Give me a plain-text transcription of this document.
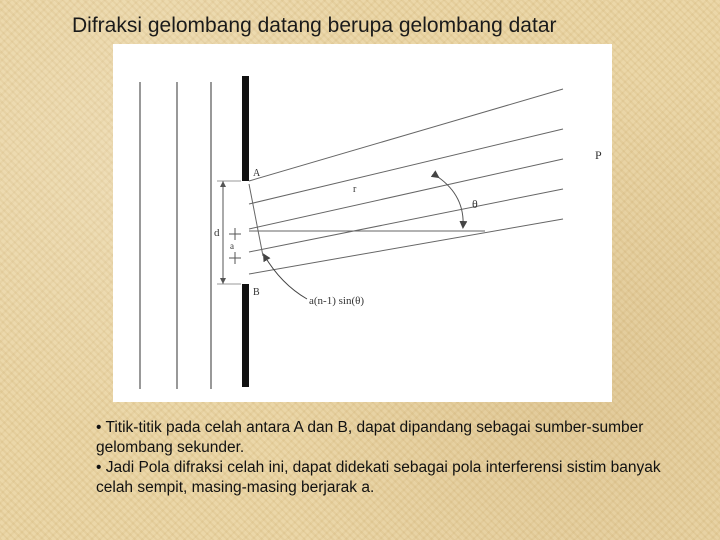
Difraksi gelombang datang berupa gelombang datar
d
a
A
B
r
P
θ
a(n-1) sin(θ)

• Titik-titik pada celah antara A dan B, dapat dipandang sebagai sumber-sumber gelombang sekunder.

• Jadi Pola difraksi celah ini, dapat didekati sebagai pola interferensi sistim banyak celah sempit, masing-masing berjarak a.
